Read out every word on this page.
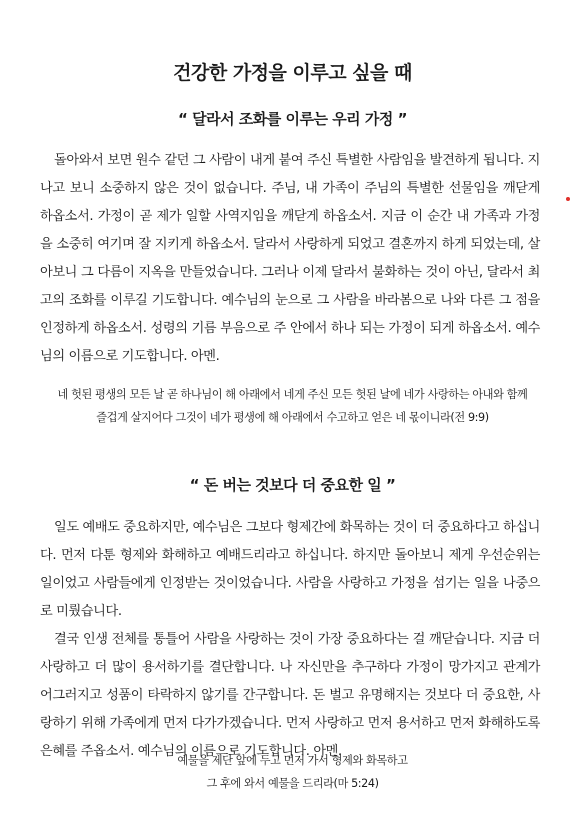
건강한 가정을 이루고 싶을 때
“ 달라서 조화를 이루는 우리 가정 ”

돌아와서 보면 원수 같던 그 사람이 내게 붙여 주신 특별한 사람임을 발견하게 됩니다. 지나고 보니 소중하지 않은 것이 없습니다. 주님, 내 가족이 주님의 특별한 선물임을 깨닫게 하옵소서. 가정이 곧 제가 일할 사역지임을 깨닫게 하옵소서. 지금 이 순간 내 가족과 가정을 소중히 여기며 잘 지키게 하옵소서. 달라서 사랑하게 되었고 결혼까지 하게 되었는데, 살아보니 그 다름이 지옥을 만들었습니다. 그러나 이제 달라서 불화하는 것이 아닌, 달라서 최고의 조화를 이루길 기도합니다. 예수님의 눈으로 그 사람을 바라봄으로 나와 다른 그 점을 인정하게 하옵소서. 성령의 기름 부음으로 주 안에서 하나 되는 가정이 되게 하옵소서. 예수님의 이름으로 기도합니다. 아멘.

네 헛된 평생의 모든 날 곧 하나님이 해 아래에서 네게 주신 모든 헛된 날에 네가 사랑하는 아내와 함께
즐겁게 살지어다 그것이 네가 평생에 해 아래에서 수고하고 얻은 네 몫이니라(전 9:9)
“ 돈 버는 것보다 더 중요한 일 ”

일도 예배도 중요하지만, 예수님은 그보다 형제간에 화목하는 것이 더 중요하다고 하십니다. 먼저 다툰 형제와 화해하고 예배드리라고 하십니다. 하지만 돌아보니 제게 우선순위는 일이었고 사람들에게 인정받는 것이었습니다. 사람을 사랑하고 가정을 섬기는 일을 나중으로 미뤘습니다.

결국 인생 전체를 통틀어 사람을 사랑하는 것이 가장 중요하다는 걸 깨닫습니다. 지금 더 사랑하고 더 많이 용서하기를 결단합니다. 나 자신만을 추구하다 가정이 망가지고 관계가 어그러지고 성품이 타락하지 않기를 간구합니다. 돈 벌고 유명해지는 것보다 더 중요한, 사랑하기 위해 가족에게 먼저 다가가겠습니다. 먼저 사랑하고 먼저 용서하고 먼저 화해하도록 은혜를 주옵소서. 예수님의 이름으로 기도합니다. 아멘.

예물을 제단 앞에 두고 먼저 가서 형제와 화목하고
그 후에 와서 예물을 드리라(마 5:24)
